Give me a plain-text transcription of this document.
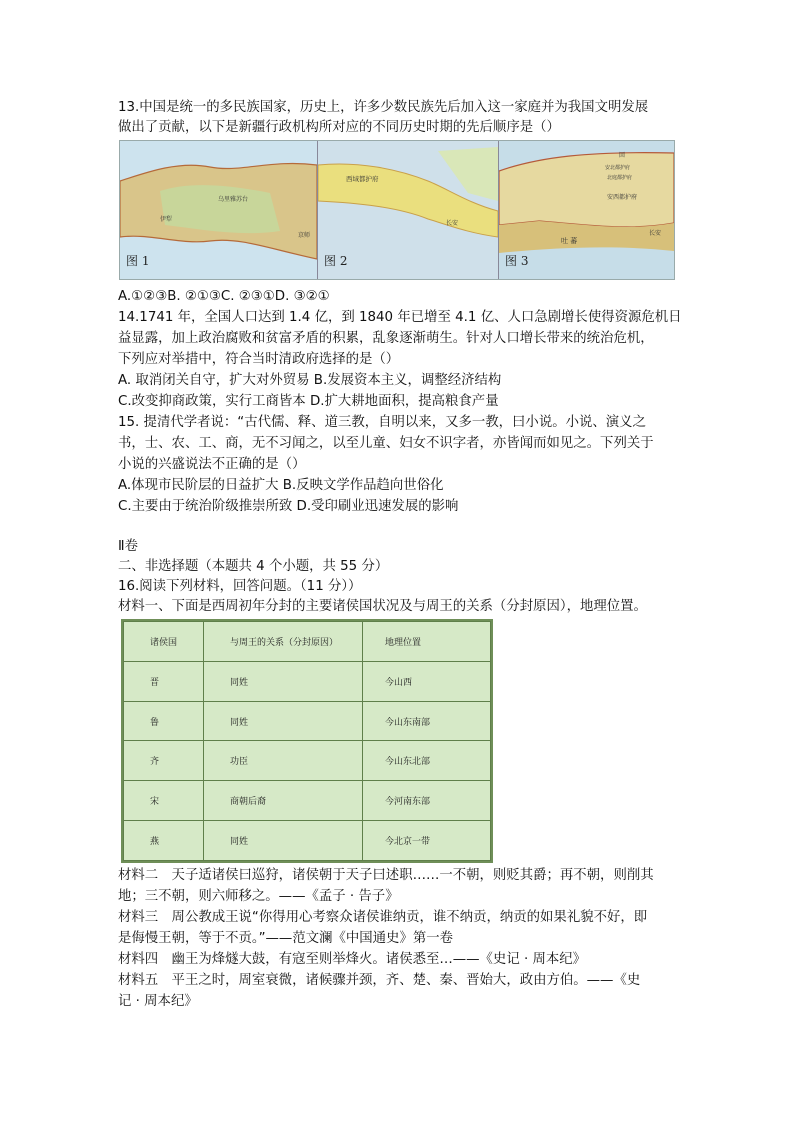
13.中国是统一的多民族国家，历史上，许多少数民族先后加入这一家庭并为我国文明发展
做出了贡献，以下是新疆行政机构所对应的不同历史时期的先后顺序是（）
乌里雅苏台
伊犁
京师
图 1
西域都护府
长安
图 2
回
安北都护府
北庭都护府
安西都护府
吐 蕃
长安
图 3
A.①②③B. ②①③C. ②③①D. ③②①
14.1741 年，全国人口达到 1.4 亿，到 1840 年已增至 4.1 亿、人口急剧增长使得资源危机日
益显露，加上政治腐败和贫富矛盾的积累，乱象逐渐萌生。针对人口增长带来的统治危机，
下列应对举措中，符合当时清政府选择的是（）
A. 取消闭关自守，扩大对外贸易 B.发展资本主义，调整经济结构
C.改变抑商政策，实行工商皆本 D.扩大耕地面积，提高粮食产量
15. 提清代学者说：“古代儒、释、道三教，自明以来，又多一教，曰小说。小说、演义之
书，士、农、工、商，无不习闻之，以至儿童、妇女不识字者，亦皆闻而如见之。下列关于
小说的兴盛说法不正确的是（）
A.体现市民阶层的日益扩大 B.反映文学作品趋向世俗化
C.主要由于统治阶级推崇所致 D.受印刷业迅速发展的影响
Ⅱ卷
二、非选择题（本题共 4 个小题，共 55 分）
16.阅读下列材料，回答问题。（11 分））
材料一、下面是西周初年分封的主要诸侯国状况及与周王的关系（分封原因），地理位置。
诸侯国	与周王的关系（分封原因）	地理位置
晋	同姓	今山西
鲁	同姓	今山东南部
齐	功臣	今山东北部
宋	商朝后裔	今河南东部
燕	同姓	今北京一带
材料二　天子适诸侯曰巡狩，诸侯朝于天子曰述职……一不朝，则贬其爵；再不朝，则削其
地；三不朝，则六师移之。——《孟子 · 告子》
材料三　周公教成王说“你得用心考察众诸侯谁纳贡，谁不纳贡，纳贡的如果礼貌不好，即
是侮慢王朝，等于不贡。”——范文澜《中国通史》第一卷
材料四　幽王为烽燧大鼓，有寇至则举烽火。诸侯悉至…——《史记 · 周本纪》
材料五　平王之时，周室衰微，诸候骤并颈，齐、楚、秦、晋始大，政由方伯。——《史
记 · 周本纪》
